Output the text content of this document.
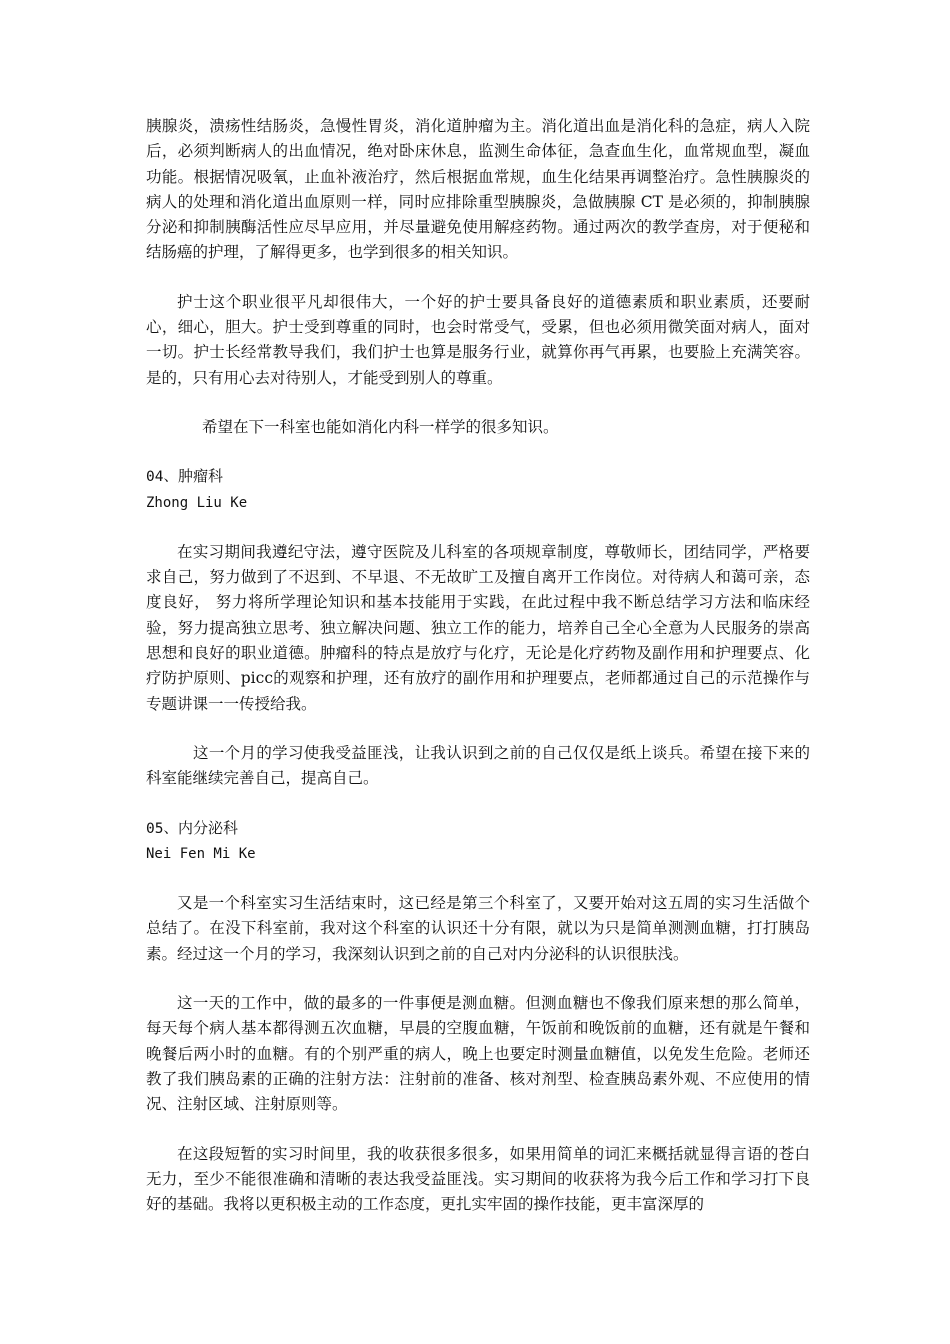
胰腺炎，溃疡性结肠炎，急慢性胃炎，消化道肿瘤为主。消化道出血是消化科的急症，病人入院后，必须判断病人的出血情况，绝对卧床休息，监测生命体征，急查血生化，血常规血型，凝血功能。根据情况吸氧，止血补液治疗，然后根据血常规，血生化结果再调整治疗。急性胰腺炎的病人的处理和消化道出血原则一样，同时应排除重型胰腺炎，急做胰腺 CT 是必须的，抑制胰腺分泌和抑制胰酶活性应尽早应用，并尽量避免使用解痉药物。通过两次的教学查房，对于便秘和结肠癌的护理，了解得更多，也学到很多的相关知识。

护士这个职业很平凡却很伟大，一个好的护士要具备良好的道德素质和职业素质，还要耐心，细心，胆大。护士受到尊重的同时，也会时常受气，受累，但也必须用微笑面对病人，面对一切。护士长经常教导我们，我们护士也算是服务行业，就算你再气再累，也要脸上充满笑容。是的，只有用心去对待别人，才能受到别人的尊重。

希望在下一科室也能如消化内科一样学的很多知识。

04、肿瘤科

Zhong Liu Ke

在实习期间我遵纪守法，遵守医院及儿科室的各项规章制度，尊敬师长，团结同学，严格要求自己，努力做到了不迟到、不早退、不无故旷工及擅自离开工作岗位。对待病人和蔼可亲，态度良好， 努力将所学理论知识和基本技能用于实践，在此过程中我不断总结学习方法和临床经验，努力提高独立思考、独立解决问题、独立工作的能力，培养自己全心全意为人民服务的崇高思想和良好的职业道德。肿瘤科的特点是放疗与化疗，无论是化疗药物及副作用和护理要点、化疗防护原则、picc的观察和护理，还有放疗的副作用和护理要点，老师都通过自己的示范操作与专题讲课一一传授给我。

这一个月的学习使我受益匪浅，让我认识到之前的自己仅仅是纸上谈兵。希望在接下来的科室能继续完善自己，提高自己。

05、内分泌科

Nei Fen Mi Ke

又是一个科室实习生活结束时，这已经是第三个科室了，又要开始对这五周的实习生活做个总结了。在没下科室前，我对这个科室的认识还十分有限，就以为只是简单测测血糖，打打胰岛素。经过这一个月的学习，我深刻认识到之前的自己对内分泌科的认识很肤浅。

这一天的工作中，做的最多的一件事便是测血糖。但测血糖也不像我们原来想的那么简单，每天每个病人基本都得测五次血糖，早晨的空腹血糖，午饭前和晚饭前的血糖，还有就是午餐和晚餐后两小时的血糖。有的个别严重的病人，晚上也要定时测量血糖值，以免发生危险。老师还教了我们胰岛素的正确的注射方法：注射前的准备、核对剂型、检查胰岛素外观、不应使用的情况、注射区域、注射原则等。

在这段短暂的实习时间里，我的收获很多很多，如果用简单的词汇来概括就显得言语的苍白无力，至少不能很准确和清晰的表达我受益匪浅。实习期间的收获将为我今后工作和学习打下良好的基础。我将以更积极主动的工作态度，更扎实牢固的操作技能，更丰富深厚的
